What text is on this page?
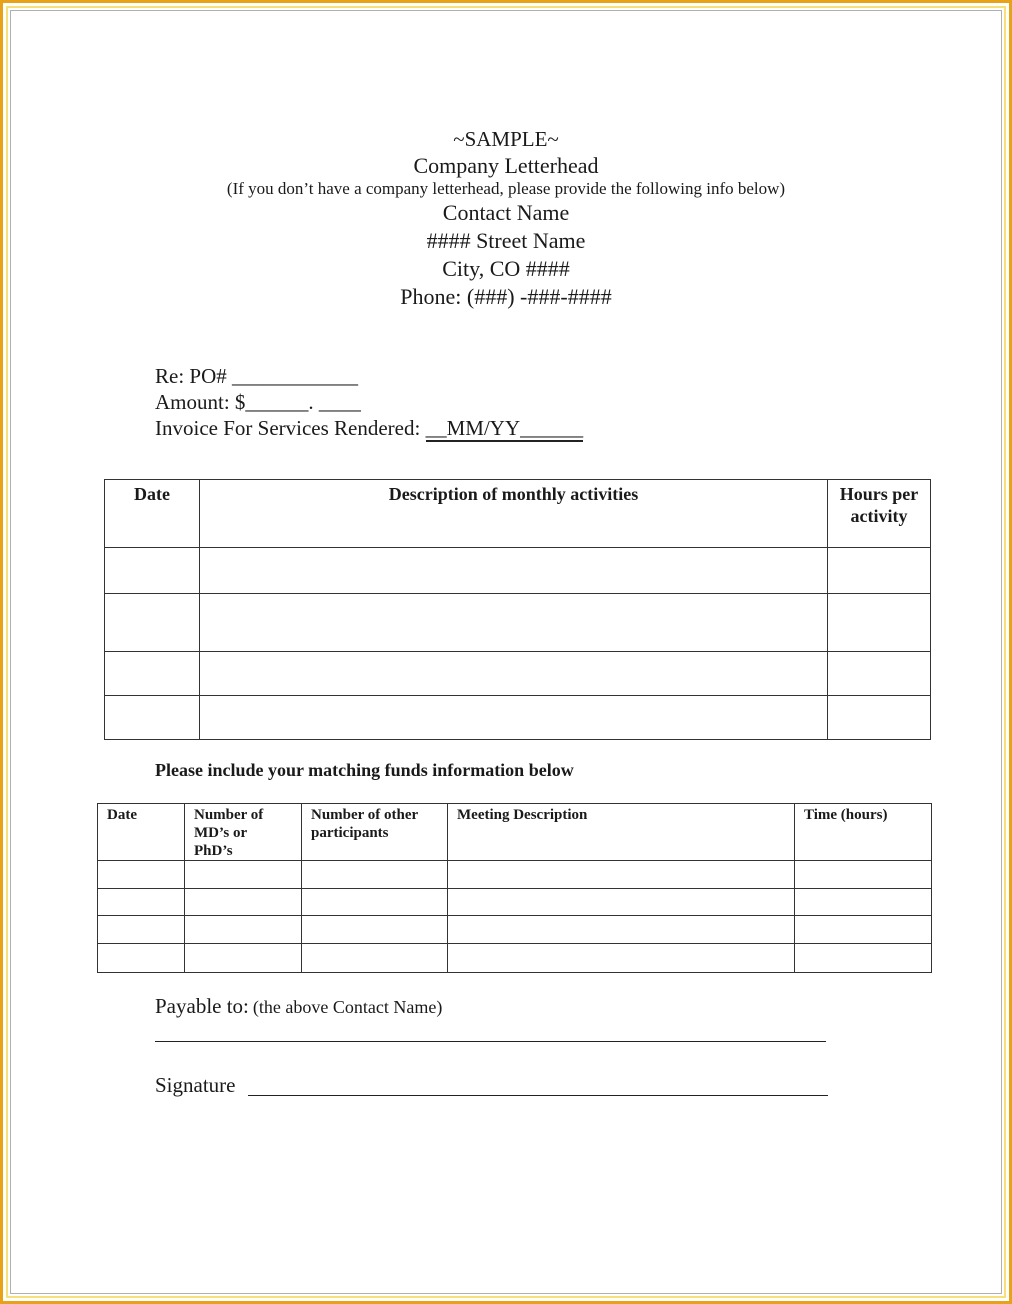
~SAMPLE~
Company Letterhead
(If you don’t have a company letterhead, please provide the following info below)
Contact Name
#### Street Name
City, CO ####
Phone: (###) -###-####
Re: PO# ____________
Amount: $______. ____
Invoice For Services Rendered: __MM/YY______
Date	Description of monthly activities	Hours per activity

Please include your matching funds information below
Date	Number of MD’s or PhD’s	Number of other participants	Meeting Description	Time (hours)

Payable to: (the above Contact Name)
Signature
